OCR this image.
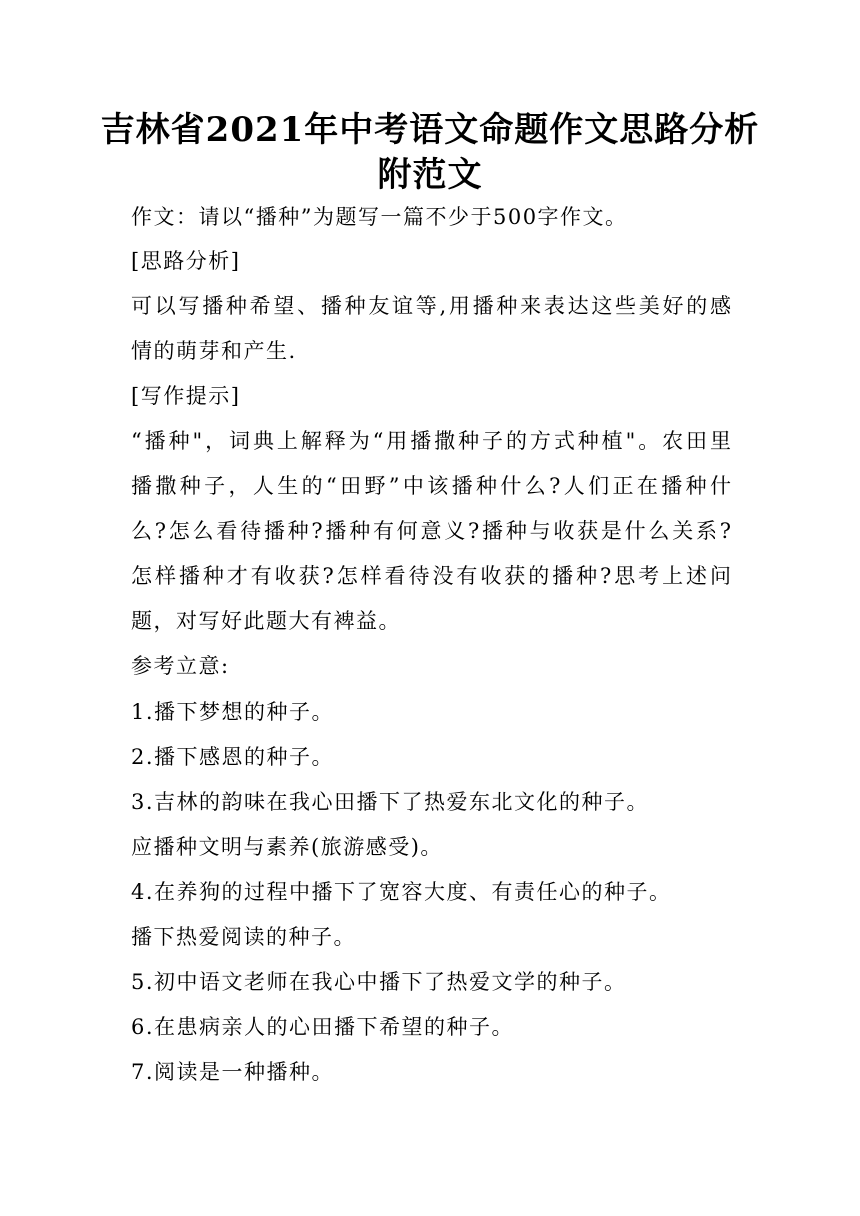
吉林省2021年中考语文命题作文思路分析
附范文
作文：请以“播种”为题写一篇不少于500字作文。
[思路分析]
可以写播种希望、播种友谊等,用播种来表达这些美好的感
情的萌芽和产生.
[写作提示]
“播种"，词典上解释为“用播撒种子的方式种植"。农田里
播撒种子，人生的“田野”中该播种什么?人们正在播种什
么?怎么看待播种?播种有何意义?播种与收获是什么关系?
怎样播种才有收获?怎样看待没有收获的播种?思考上述问
题，对写好此题大有裨益。
参考立意:
1.播下梦想的种子。
2.播下感恩的种子。
3.吉林的韵味在我心田播下了热爱东北文化的种子。
应播种文明与素养(旅游感受)。
4.在养狗的过程中播下了宽容大度、有责任心的种子。
播下热爱阅读的种子。
5.初中语文老师在我心中播下了热爱文学的种子。
6.在患病亲人的心田播下希望的种子。
7.阅读是一种播种。
